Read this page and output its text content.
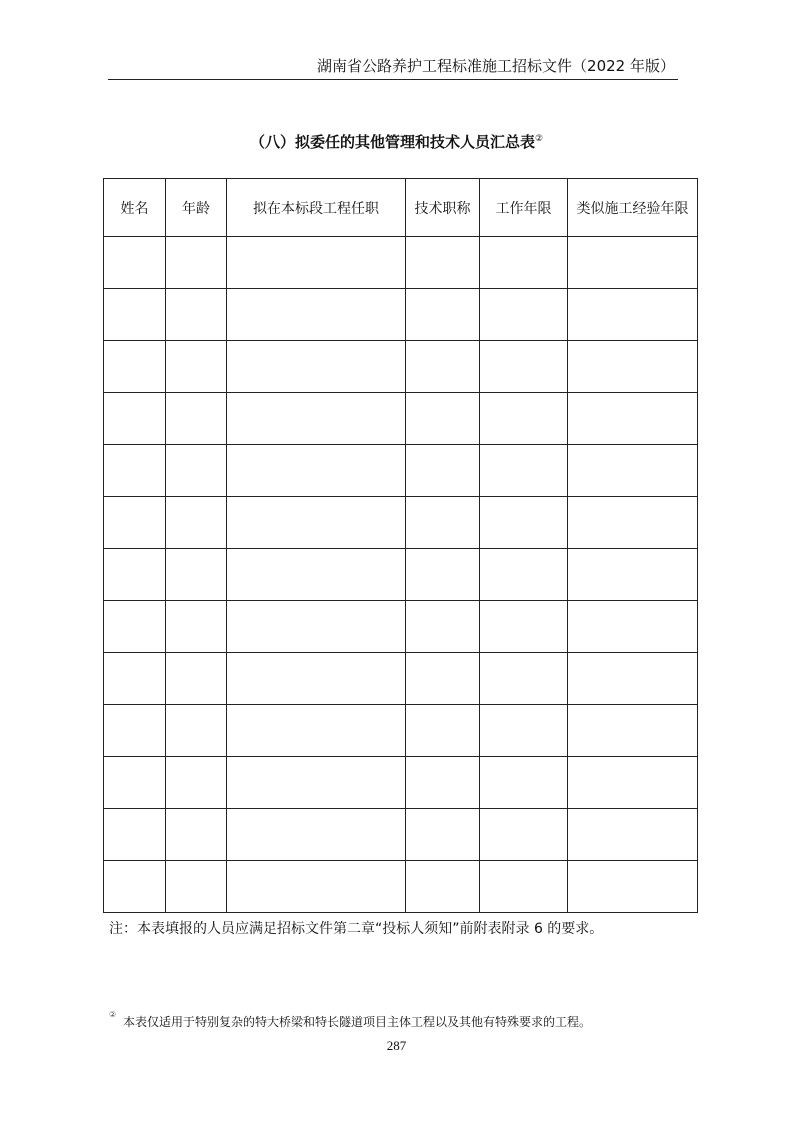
湖南省公路养护工程标准施工招标文件（2022 年版）
（八）拟委任的其他管理和技术人员汇总表②
姓名	年龄	拟在本标段工程任职	技术职称	工作年限	类似施工经验年限

注：本表填报的人员应满足招标文件第二章“投标人须知”前附表附录 6 的要求。
②
本表仅适用于特别复杂的特大桥梁和特长隧道项目主体工程以及其他有特殊要求的工程。
287
